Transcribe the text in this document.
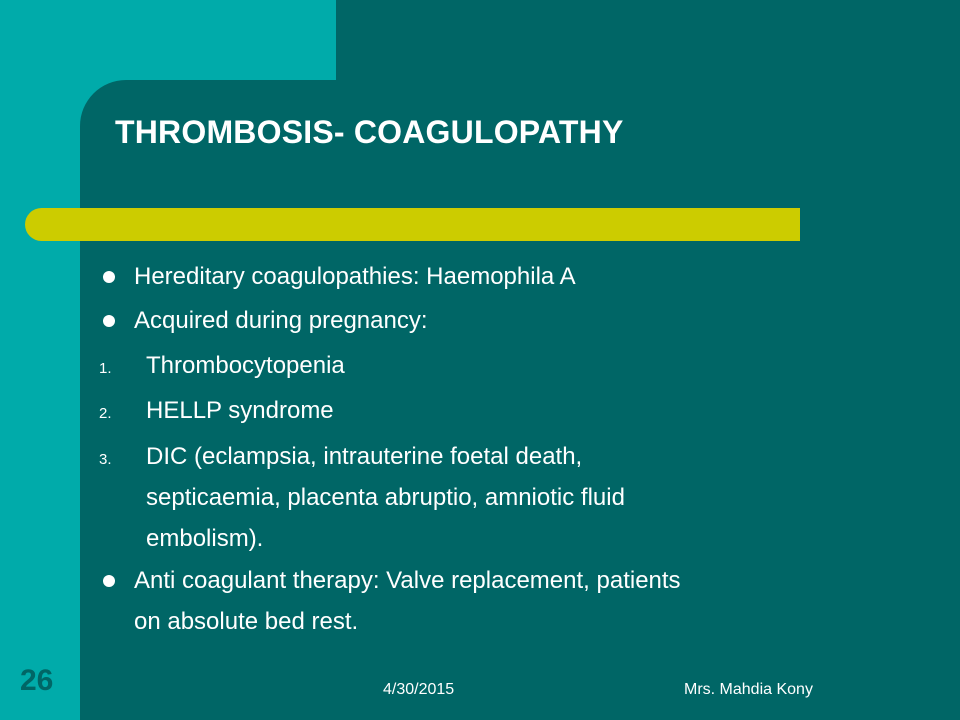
THROMBOSIS- COAGULOPATHY
Hereditary coagulopathies: Haemophila A
Acquired during pregnancy:
1. Thrombocytopenia
2. HELLP syndrome
3. DIC (eclampsia, intrauterine foetal death,
septicaemia, placenta abruptio, amniotic fluid
embolism).
Anti coagulant therapy: Valve replacement, patients
on absolute bed rest.
26	4/30/2015	Mrs. Mahdia Kony
